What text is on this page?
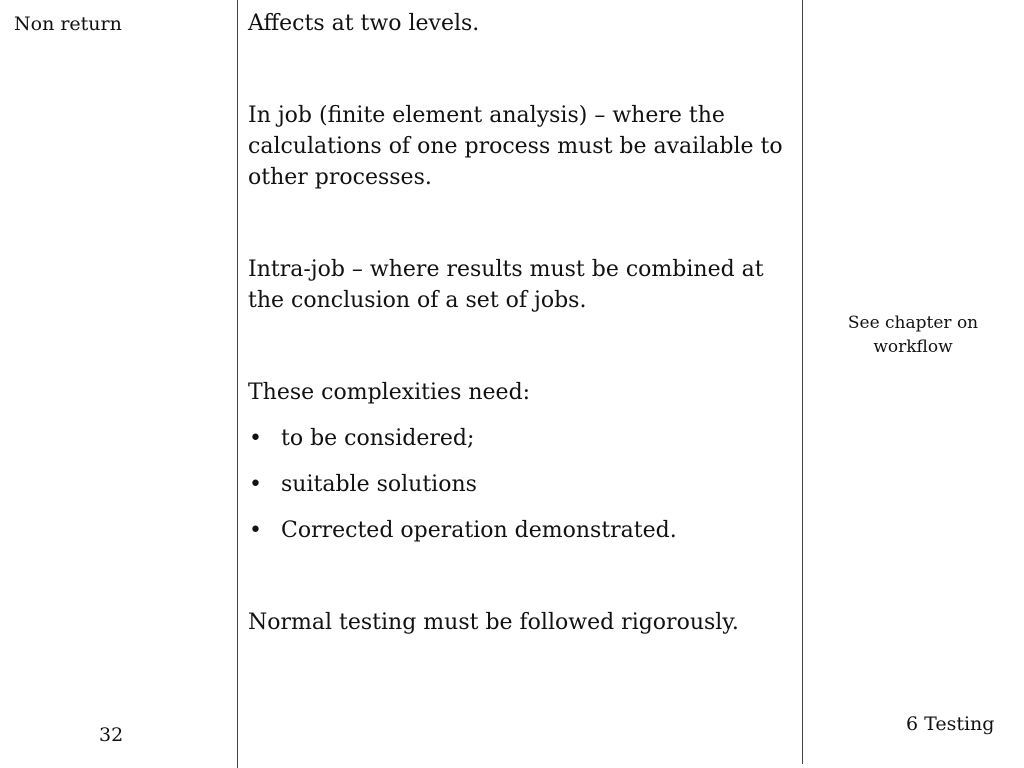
Non return
32

Affects at two levels.

In job (finite element analysis) – where the calculations of one process must be available to other processes.

Intra-job – where results must be combined at the conclusion of a set of jobs.

These complexities need:

• to be considered;
• suitable solutions
• Corrected operation demonstrated.

Normal testing must be followed rigorously.

See chapter on workflow
6 Testing
